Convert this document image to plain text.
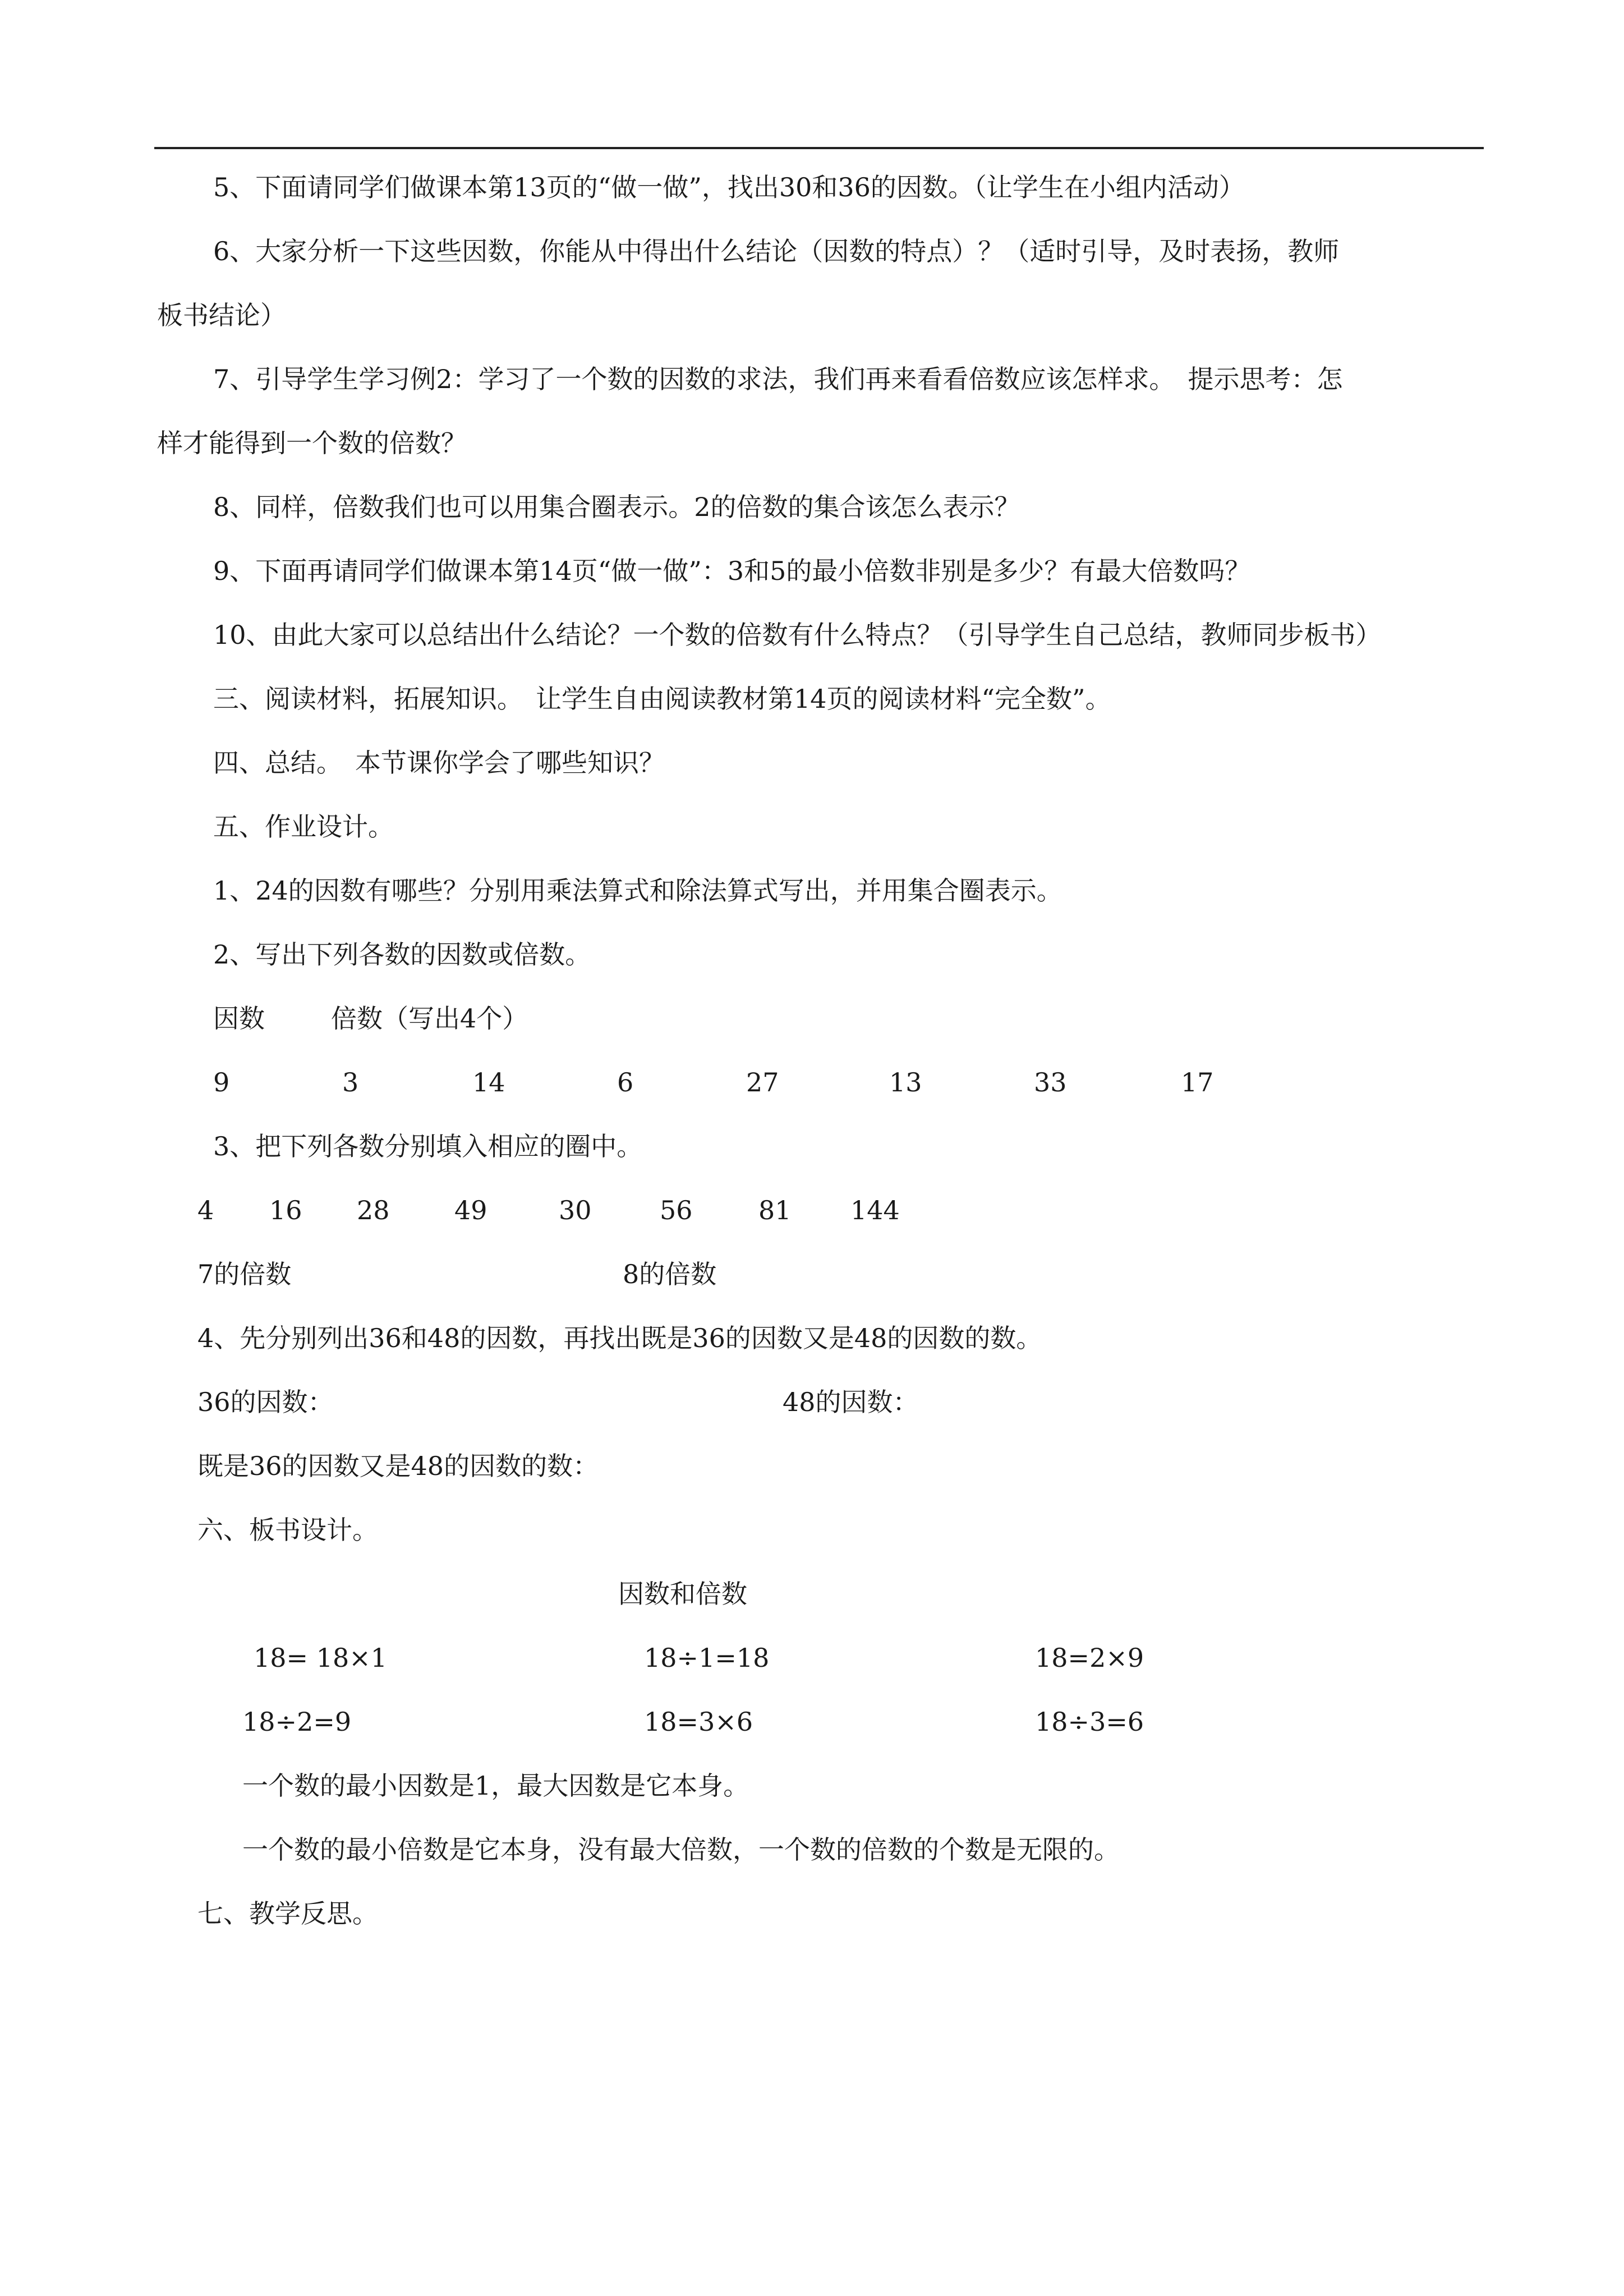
5、下面请同学们做课本第13页的“做一做”，找出30和36的因数。（让学生在小组内活动）
6、大家分析一下这些因数，你能从中得出什么结论（因数的特点）？（适时引导，及时表扬，教师
板书结论）
7、引导学生学习例2：学习了一个数的因数的求法，我们再来看看倍数应该怎样求。　提示思考：怎
样才能得到一个数的倍数？
8、同样，倍数我们也可以用集合圈表示。2的倍数的集合该怎么表示？
9、下面再请同学们做课本第14页“做一做”：3和5的最小倍数非别是多少？有最大倍数吗？
10、由此大家可以总结出什么结论？一个数的倍数有什么特点？（引导学生自己总结，教师同步板书）
三、阅读材料，拓展知识。　让学生自由阅读教材第14页的阅读材料“完全数”。
四、总结。　本节课你学会了哪些知识？
五、作业设计。
1、24的因数有哪些？分别用乘法算式和除法算式写出，并用集合圈表示。
2、写出下列各数的因数或倍数。
因数	倍数（写出4个）
9	3	14	6	27	13	33	17
3、把下列各数分别填入相应的圈中。
4 16 28	49	30	56	81 144
7的倍数	8的倍数
4、先分别列出36和48的因数，再找出既是36的因数又是48的因数的数。
36的因数：	48的因数：
既是36的因数又是48的因数的数：
六、板书设计。
因数和倍数
18= 18×1	18÷1=18	18=2×9
18÷2=9	18=3×6	18÷3=6
一个数的最小因数是1，最大因数是它本身。
一个数的最小倍数是它本身，没有最大倍数，一个数的倍数的个数是无限的。
七、教学反思。
